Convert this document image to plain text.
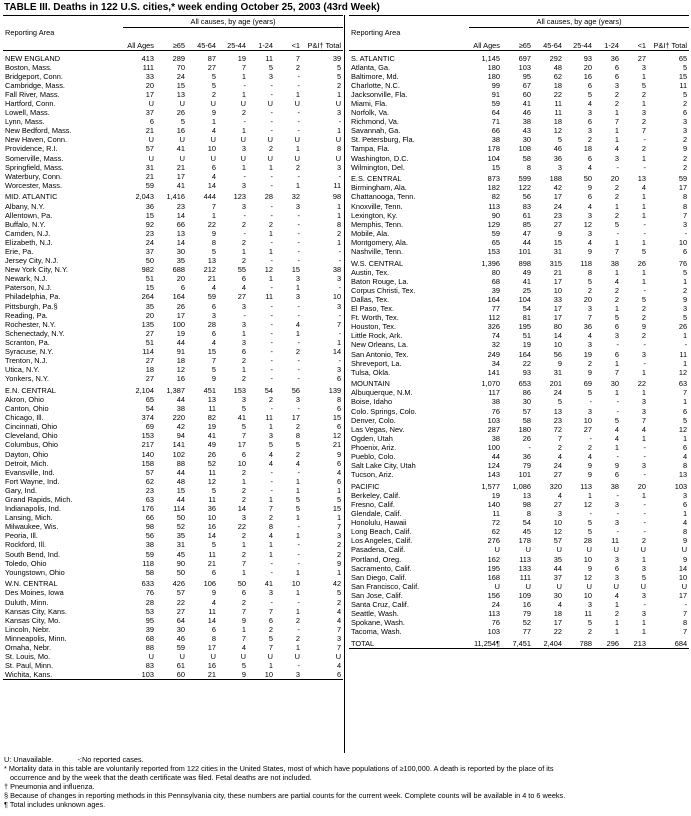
TABLE III. Deaths in 122 U.S. cities,* week ending October 25, 2003 (43rd Week)
Reporting Area	All causes, by age (years)						
	All Ages	≥65	45-64	25-44	1-24	<1	P&I† Total
NEW ENGLAND	413	289	87	19	11	7	39
Boston, Mass.	111	70	27	7	5	2	5
Bridgeport, Conn.	33	24	5	1	3	-	5
Cambridge, Mass.	20	15	5	-	-	-	2
Fall River, Mass.	17	13	2	1	-	1	1
Hartford, Conn.	U	U	U	U	U	U	U
Lowell, Mass.	37	26	9	2	-	-	3
Lynn, Mass.	6	5	1	-	-	-	-
New Bedford, Mass.	21	16	4	1	-	-	1
New Haven, Conn.	U	U	U	U	U	U	U
Providence, R.I.	57	41	10	3	2	1	8
Somerville, Mass.	U	U	U	U	U	U	U
Springfield, Mass.	31	21	6	1	1	2	3
Waterbury, Conn.	21	17	4	-	-	-	-
Worcester, Mass.	59	41	14	3	-	1	11
MID. ATLANTIC	2,043	1,416	444	123	28	32	98
Albany, N.Y.	36	23	7	3	-	3	1
Allentown, Pa.	15	14	1	-	-	-	1
Buffalo, N.Y.	92	66	22	2	2	-	8
Camden, N.J.	23	13	9	-	1	-	2
Elizabeth, N.J.	24	14	8	2	-	-	1
Erie, Pa.	37	30	5	1	1	-	-
Jersey City, N.J.	50	35	13	2	-	-	-
New York City, N.Y.	982	688	212	55	12	15	38
Newark, N.J.	51	20	21	6	1	3	3
Paterson, N.J.	15	6	4	4	-	1	-
Philadelphia, Pa.	264	164	59	27	11	3	10
Pittsburgh, Pa.§	35	26	6	3	-	-	3
Reading, Pa.	20	17	3	-	-	-	-
Rochester, N.Y.	135	100	28	3	-	4	7
Schenectady, N.Y.	27	19	6	1	-	1	-
Scranton, Pa.	51	44	4	3	-	-	1
Syracuse, N.Y.	114	91	15	6	-	2	14
Trenton, N.J.	27	18	7	2	-	-	-
Utica, N.Y.	18	12	5	1	-	-	3
Yonkers, N.Y.	27	16	9	2	-	-	6
E.N. CENTRAL	2,104	1,387	451	153	54	56	139
Akron, Ohio	65	44	13	3	2	3	8
Canton, Ohio	54	38	11	5	-	-	6
Chicago, Ill.	374	220	82	41	11	17	15
Cincinnati, Ohio	69	42	19	5	1	2	6
Cleveland, Ohio	153	94	41	7	3	8	12
Columbus, Ohio	217	141	49	17	5	5	21
Dayton, Ohio	140	102	26	6	4	2	9
Detroit, Mich.	158	88	52	10	4	4	6
Evansville, Ind.	57	44	11	2	-	-	4
Fort Wayne, Ind.	62	48	12	1	-	1	6
Gary, Ind.	23	15	5	2	-	1	1
Grand Rapids, Mich.	63	44	11	2	1	5	5
Indianapolis, Ind.	176	114	36	14	7	5	15
Lansing, Mich.	66	50	10	3	2	1	1
Milwaukee, Wis.	98	52	16	22	8	-	7
Peoria, Ill.	56	35	14	2	4	1	3
Rockford, Ill.	38	31	5	1	1	-	2
South Bend, Ind.	59	45	11	2	1	-	2
Toledo, Ohio	118	90	21	7	-	-	9
Youngstown, Ohio	58	50	6	1	-	1	1
W.N. CENTRAL	633	426	106	50	41	10	42
Des Moines, Iowa	76	57	9	6	3	1	5
Duluth, Minn.	28	22	4	2	-	-	2
Kansas City, Kans.	53	27	11	7	7	1	4
Kansas City, Mo.	95	64	14	9	6	2	4
Lincoln, Nebr.	39	30	6	1	2	-	7
Minneapolis, Minn.	68	46	8	7	5	2	3
Omaha, Nebr.	88	59	17	4	7	1	7
St. Louis, Mo.	U	U	U	U	U	U	U
St. Paul, Minn.	83	61	16	5	1	-	4
Wichita, Kans.	103	60	21	9	10	3	6
Reporting Area	All causes, by age (years)						
	All Ages	≥65	45-64	25-44	1-24	<1	P&I† Total
S. ATLANTIC	1,145	697	292	93	36	27	65
Atlanta, Ga.	180	103	48	20	6	3	5
Baltimore, Md.	180	95	62	16	6	1	15
Charlotte, N.C.	99	67	18	6	3	5	11
Jacksonville, Fla.	91	60	22	5	2	2	5
Miami, Fla.	59	41	11	4	2	1	2
Norfolk, Va.	64	46	11	3	1	3	6
Richmond, Va.	71	38	18	6	7	2	3
Savannah, Ga.	66	43	12	3	1	7	3
St. Petersburg, Fla.	38	30	5	2	1	-	2
Tampa, Fla.	178	108	46	18	4	2	9
Washington, D.C.	104	58	36	6	3	1	2
Wilmington, Del.	15	8	3	4	-	-	2
E.S. CENTRAL	873	599	188	50	20	13	59
Birmingham, Ala.	182	122	42	9	2	4	17
Chattanooga, Tenn.	82	56	17	6	2	1	8
Knoxville, Tenn.	113	83	24	4	1	1	8
Lexington, Ky.	90	61	23	3	2	1	7
Memphis, Tenn.	129	85	27	12	5	-	3
Mobile, Ala.	59	47	9	3	-	-	-
Montgomery, Ala.	65	44	15	4	1	1	10
Nashville, Tenn.	153	101	31	9	7	5	6
W.S. CENTRAL	1,396	898	315	118	38	26	76
Austin, Tex.	80	49	21	8	1	1	5
Baton Rouge, La.	68	41	17	5	4	1	1
Corpus Christi, Tex.	39	25	10	2	2	-	2
Dallas, Tex.	164	104	33	20	2	5	9
El Paso, Tex.	77	54	17	3	1	2	3
Ft. Worth, Tex.	112	81	17	7	5	2	5
Houston, Tex.	326	195	80	36	6	9	26
Little Rock, Ark.	74	51	14	4	3	2	1
New Orleans, La.	32	19	10	3	-	-	-
San Antonio, Tex.	249	164	56	19	6	3	11
Shreveport, La.	34	22	9	2	1	-	1
Tulsa, Okla.	141	93	31	9	7	1	12
MOUNTAIN	1,070	653	201	69	30	22	63
Albuquerque, N.M.	117	86	24	5	1	1	7
Boise, Idaho	38	30	5	-	-	3	1
Colo. Springs, Colo.	76	57	13	3	-	3	6
Denver, Colo.	103	58	23	10	5	7	5
Las Vegas, Nev.	287	180	72	27	4	4	12
Ogden, Utah	38	26	7	-	4	1	1
Phoenix, Ariz.	100	-	2	2	1	-	6
Pueblo, Colo.	44	36	4	4	-	-	4
Salt Lake City, Utah	124	79	24	9	9	3	8
Tucson, Ariz.	143	101	27	9	6	-	13
PACIFIC	1,577	1,086	320	113	38	20	103
Berkeley, Calif.	19	13	4	1	-	1	3
Fresno, Calif.	140	98	27	12	3	-	6
Glendale, Calif.	11	8	3	-	-	-	1
Honolulu, Hawaii	72	54	10	5	3	-	4
Long Beach, Calif.	62	45	12	5	-	-	8
Los Angeles, Calif.	276	178	57	28	11	2	9
Pasadena, Calif.	U	U	U	U	U	U	U
Portland, Oreg.	162	113	35	10	3	1	9
Sacramento, Calif.	195	133	44	9	6	3	14
San Diego, Calif.	168	111	37	12	3	5	10
San Francisco, Calif.	U	U	U	U	U	U	U
San Jose, Calif.	156	109	30	10	4	3	17
Santa Cruz, Calif.	24	16	4	3	1	-	-
Seattle, Wash.	113	79	18	11	2	3	7
Spokane, Wash.	76	52	17	5	1	1	8
Tacoma, Wash.	103	77	22	2	1	1	7
TOTAL	11,254¶	7,451	2,404	788	296	213	684
U: Unavailable.	-:No reported cases.
* Mortality data in this table are voluntarily reported from 122 cities in the United States, most of which have populations of ≥100,000. A death is reported by the place of its
occurrence and by the week that the death certificate was filed. Fetal deaths are not included.
† Pneumonia and influenza.
§ Because of changes in reporting methods in this Pennsylvania city, these numbers are partial counts for the current week. Complete counts will be available in 4 to 6 weeks.
¶ Total includes unknown ages.
